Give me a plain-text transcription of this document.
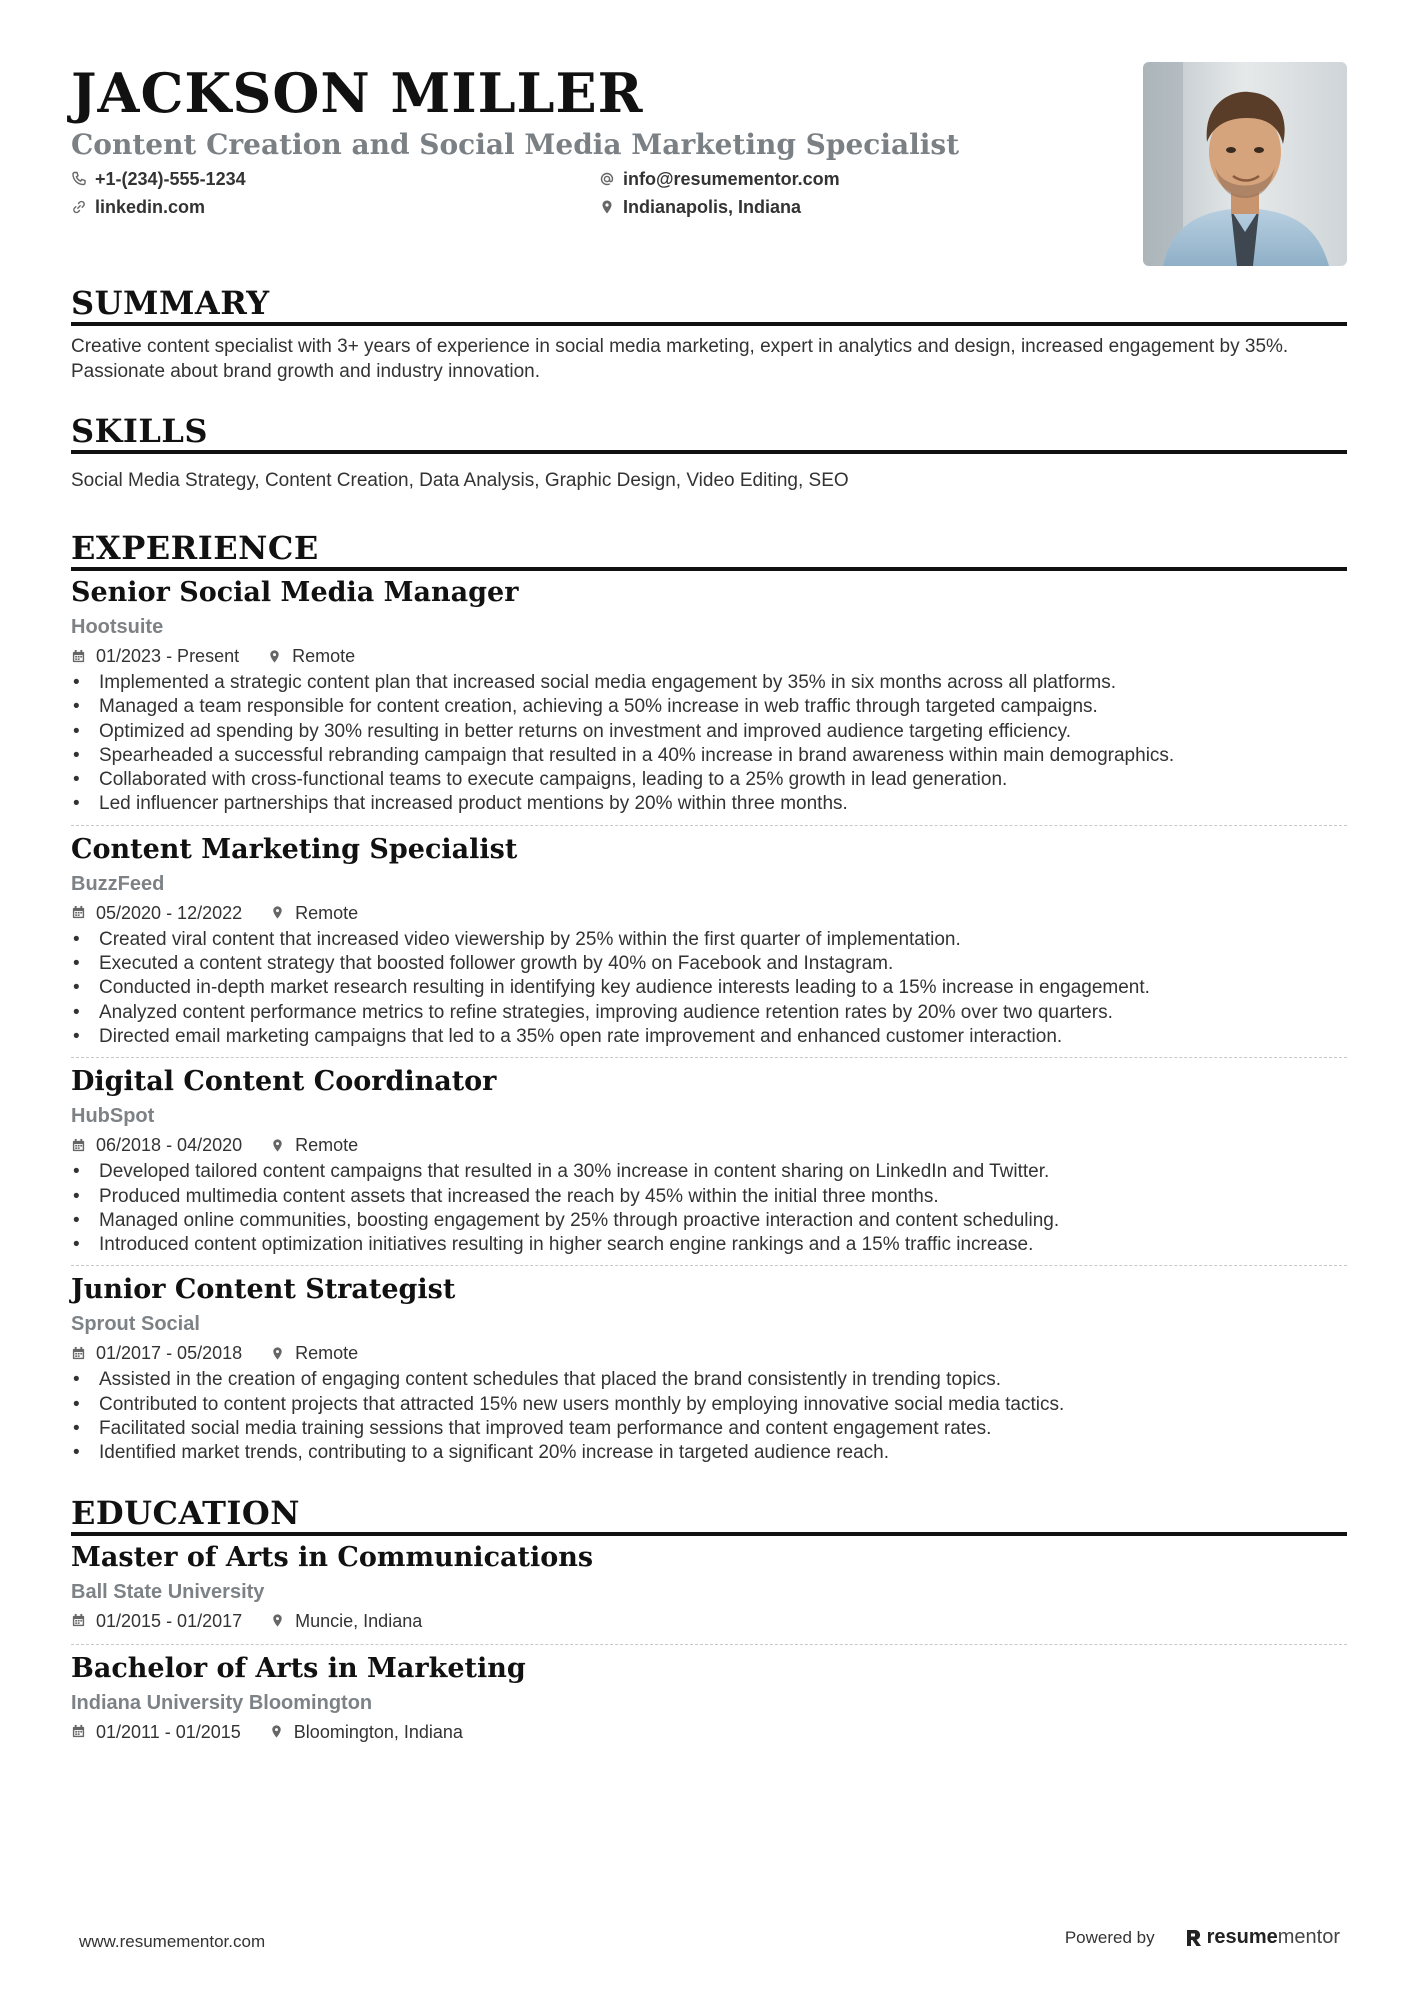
JACKSON MILLER
Content Creation and Social Media Marketing Specialist
+1-(234)-555-1234	info@resumementor.com
linkedin.com	Indianapolis, Indiana
SUMMARY

Creative content specialist with 3+ years of experience in social media marketing, expert in analytics and design, increased engagement by 35%. Passionate about brand growth and industry innovation.

SKILLS

Social Media Strategy, Content Creation, Data Analysis, Graphic Design, Video Editing, SEO

EXPERIENCE
Senior Social Media Manager
Hootsuite
01/2023 - Present	Remote
• Implemented a strategic content plan that increased social media engagement by 35% in six months across all platforms.
• Managed a team responsible for content creation, achieving a 50% increase in web traffic through targeted campaigns.
• Optimized ad spending by 30% resulting in better returns on investment and improved audience targeting efficiency.
• Spearheaded a successful rebranding campaign that resulted in a 40% increase in brand awareness within main demographics.
• Collaborated with cross-functional teams to execute campaigns, leading to a 25% growth in lead generation.
• Led influencer partnerships that increased product mentions by 20% within three months.
Content Marketing Specialist
BuzzFeed
05/2020 - 12/2022	Remote
• Created viral content that increased video viewership by 25% within the first quarter of implementation.
• Executed a content strategy that boosted follower growth by 40% on Facebook and Instagram.
• Conducted in-depth market research resulting in identifying key audience interests leading to a 15% increase in engagement.
• Analyzed content performance metrics to refine strategies, improving audience retention rates by 20% over two quarters.
• Directed email marketing campaigns that led to a 35% open rate improvement and enhanced customer interaction.
Digital Content Coordinator
HubSpot
06/2018 - 04/2020	Remote
• Developed tailored content campaigns that resulted in a 30% increase in content sharing on LinkedIn and Twitter.
• Produced multimedia content assets that increased the reach by 45% within the initial three months.
• Managed online communities, boosting engagement by 25% through proactive interaction and content scheduling.
• Introduced content optimization initiatives resulting in higher search engine rankings and a 15% traffic increase.
Junior Content Strategist
Sprout Social
01/2017 - 05/2018	Remote
• Assisted in the creation of engaging content schedules that placed the brand consistently in trending topics.
• Contributed to content projects that attracted 15% new users monthly by employing innovative social media tactics.
• Facilitated social media training sessions that improved team performance and content engagement rates.
• Identified market trends, contributing to a significant 20% increase in targeted audience reach.
EDUCATION
Master of Arts in Communications
Ball State University
01/2015 - 01/2017	Muncie, Indiana
Bachelor of Arts in Marketing
Indiana University Bloomington
01/2011 - 01/2015	Bloomington, Indiana
www.resumementor.com	Powered by	resume mentor
